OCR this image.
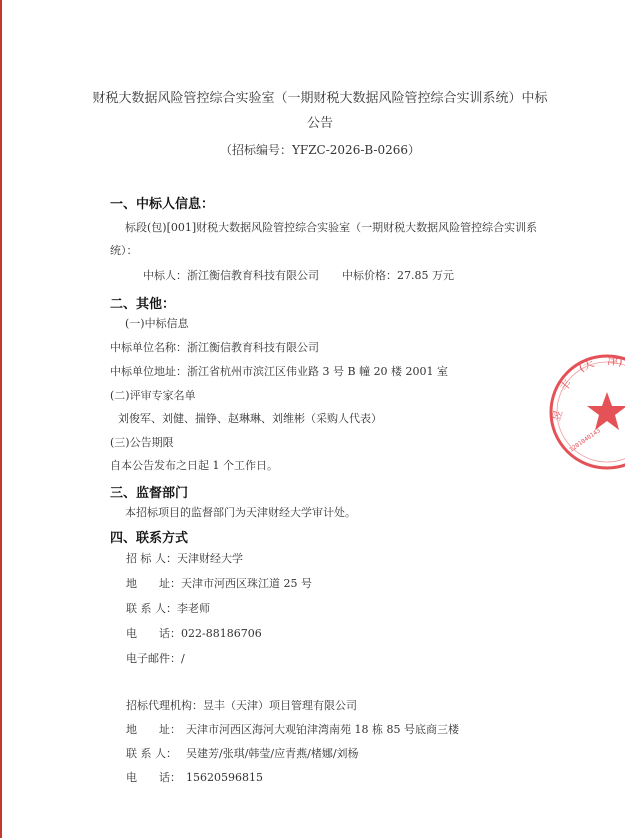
财税大数据风险管控综合实验室（一期财税大数据风险管控综合实训系统）中标
公告
（招标编号：YFZC-2026-B-0266）
一、中标人信息：
标段(包)[001]财税大数据风险管控综合实验室（一期财税大数据风险管控综合实训系
统）：
中标人：浙江衡信教育科技有限公司 中标价格：27.85 万元
二、其他：
(一)中标信息
中标单位名称：浙江衡信教育科技有限公司
中标单位地址：浙江省杭州市滨江区伟业路 3 号 B 幢 20 楼 2001 室
(二)评审专家名单
刘俊军、刘健、揣铮、赵琳琳、刘维彬（采购人代表）
(三)公告期限
自本公告发布之日起 1 个工作日。
三、监督部门
本招标项目的监督部门为天津财经大学审计处。
四、联系方式
招 标 人：天津财经大学
地　　址：天津市河西区珠江道 25 号
联 系 人：李老师
电　　话：022-88186706
电子邮件：/
招标代理机构：昱丰（天津）项目管理有限公司
地　　址： 天津市河西区海河大观铂津湾南苑 18 栋 85 号底商三楼
联 系 人： 吴建芳/张琪/韩莹/应青燕/楮娜/刘杨
电　　话： 15620596815
昱
丰
(天 津)
1201040143
